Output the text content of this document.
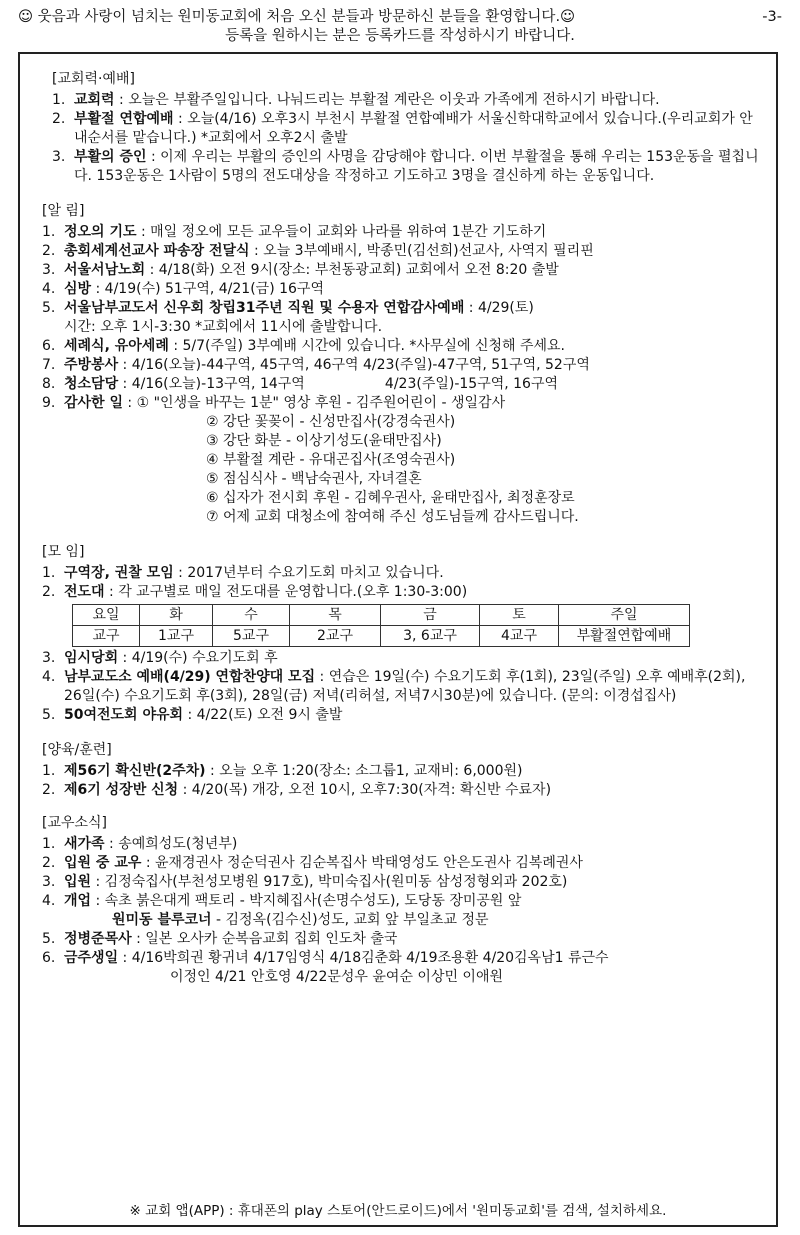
☺ 웃음과 사랑이 넘치는 원미동교회에 처음 오신 분들과 방문하신 분들을 환영합니다.☺	-3-
등록을 원하시는 분은 등록카드를 작성하시기 바랍니다.
[교회력·예배]
1. 교회력 : 오늘은 부활주일입니다. 나눠드리는 부활절 계란은 이웃과 가족에게 전하시기 바랍니다.
2. 부활절 연합예배 : 오늘(4/16) 오후3시 부천시 부활절 연합예배가 서울신학대학교에서 있습니다.(우리교회가 안내순서를 맡습니다.) *교회에서 오후2시 출발
3. 부활의 증인 : 이제 우리는 부활의 증인의 사명을 감당해야 합니다. 이번 부활절을 통해 우리는 153운동을 펼칩니다. 153운동은 1사람이 5명의 전도대상을 작정하고 기도하고 3명을 결신하게 하는 운동입니다.
[알 림]
1. 정오의 기도 : 매일 정오에 모든 교우들이 교회와 나라를 위하여 1분간 기도하기
2. 총회세계선교사 파송장 전달식 : 오늘 3부예배시, 박종민(김선희)선교사, 사역지 필리핀
3. 서울서남노회 : 4/18(화) 오전 9시(장소: 부천동광교회) 교회에서 오전 8:20 출발
4. 심방 : 4/19(수) 51구역, 4/21(금) 16구역
5. 서울남부교도서 신우회 창립31주년 직원 및 수용자 연합감사예배 : 4/29(토)
시간: 오후 1시-3:30 *교회에서 11시에 출발합니다.
6. 세례식, 유아세례 : 5/7(주일) 3부예배 시간에 있습니다. *사무실에 신청해 주세요.
7. 주방봉사 : 4/16(오늘)-44구역, 45구역, 46구역 4/23(주일)-47구역, 51구역, 52구역
8. 청소담당 : 4/16(오늘)-13구역, 14구역                  4/23(주일)-15구역, 16구역
9. 감사한 일 : ① "인생을 바꾸는 1분" 영상 후원 - 김주원어린이 - 생일감사
② 강단 꽃꽂이 - 신성만집사(강경숙권사)
③ 강단 화분 - 이상기성도(윤태만집사)
④ 부활절 계란 - 유대곤집사(조영숙권사)
⑤ 점심식사 - 백남숙권사, 자녀결혼
⑥ 십자가 전시회 후원 - 김혜우권사, 윤태만집사, 최정훈장로
⑦ 어제 교회 대청소에 참여해 주신 성도님들께 감사드립니다.
[모 임]
1. 구역장, 권찰 모임 : 2017년부터 수요기도회 마치고 있습니다.
2. 전도대 : 각 교구별로 매일 전도대를 운영합니다.(오후 1:30-3:00)
요일	화	수	목	금	토	주일
교구	1교구	5교구	2교구	3, 6교구	4교구	부활절연합예배
3. 임시당회 : 4/19(수) 수요기도회 후
4. 남부교도소 예배(4/29) 연합찬양대 모집 : 연습은 19일(수) 수요기도회 후(1회), 23일(주일) 오후 예배후(2회), 26일(수) 수요기도회 후(3회), 28일(금) 저녁(리허설, 저녁7시30분)에 있습니다. (문의: 이경섭집사)
5. 50여전도회 야유회 : 4/22(토) 오전 9시 출발
[양육/훈련]
1. 제56기 확신반(2주차) : 오늘 오후 1:20(장소: 소그룹1, 교재비: 6,000원)
2. 제6기 성장반 신청 : 4/20(목) 개강, 오전 10시, 오후7:30(자격: 확신반 수료자)
[교우소식]
1. 새가족 : 송예희성도(청년부)
2. 입원 중 교우 : 윤재경권사 정순덕권사 김순복집사 박태영성도 안은도권사 김복례권사
3. 입원 : 김정숙집사(부천성모병원 917호), 박미숙집사(원미동 삼성정형외과 202호)
4. 개업 : 속초 붉은대게 팩토리 - 박지혜집사(손명수성도), 도당동 장미공원 앞
원미동 블루코너 - 김정옥(김수신)성도, 교회 앞 부일초교 정문
5. 정병준목사 : 일본 오사카 순복음교회 집회 인도차 출국
6. 금주생일 : 4/16박희권 황귀녀 4/17임영식 4/18김춘화 4/19조용환 4/20김옥남1 류근수
이정인 4/21 안호영 4/22문성우 윤여순 이상민 이애원
※ 교회 앱(APP) : 휴대폰의 play 스토어(안드로이드)에서 '원미동교회'를 검색, 설치하세요.
